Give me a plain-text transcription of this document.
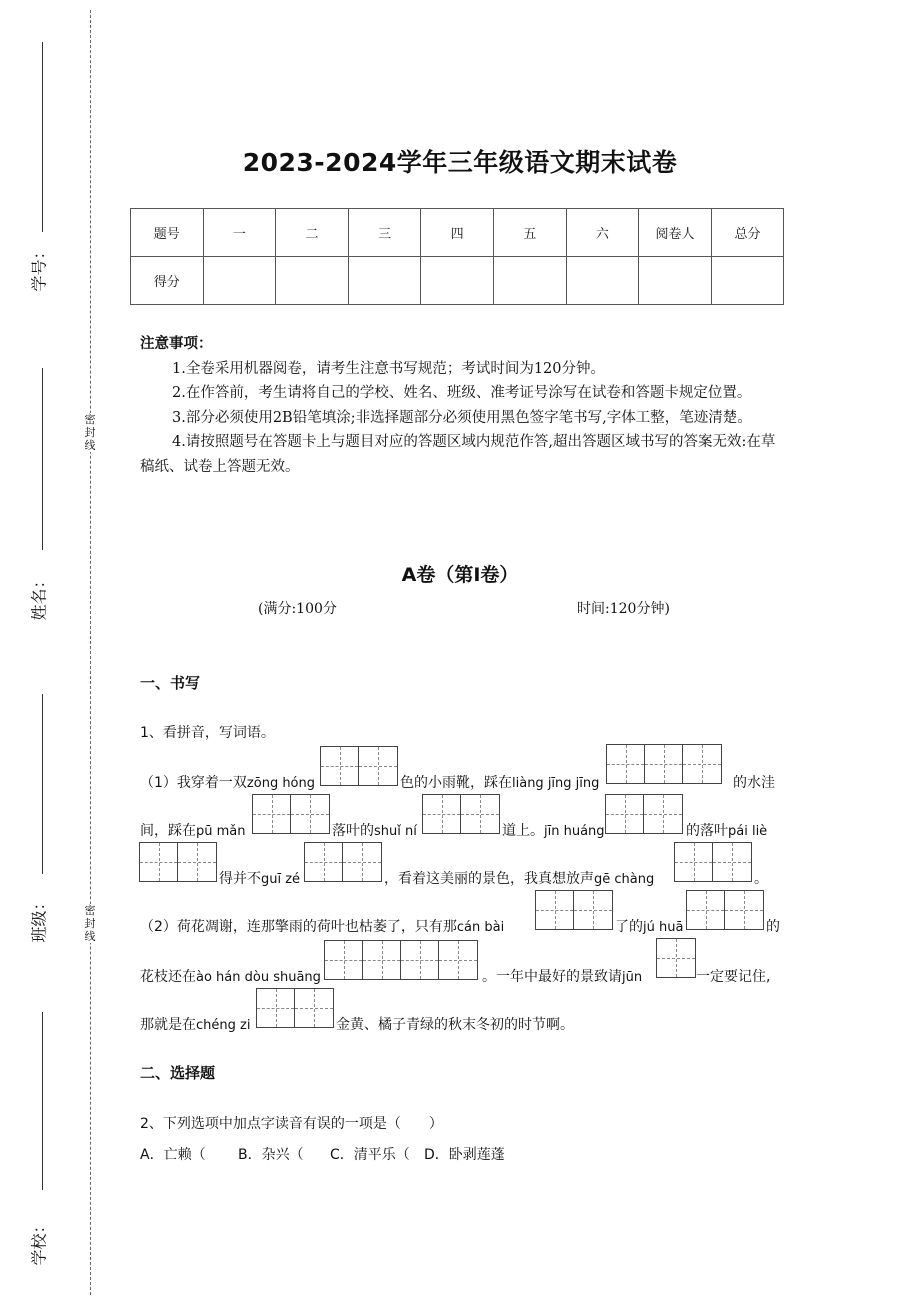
学号：
姓名：
班级：
学校：
密封线
密封线
2023-2024学年三年级语文期末试卷
题号	一	二	三	四	五	六	阅卷人	总分
得分								

注意事项：

1.全卷采用机器阅卷，请考生注意书写规范；考试时间为120分钟。

2.在作答前，考生请将自己的学校、姓名、班级、准考证号涂写在试卷和答题卡规定位置。

3.部分必须使用2B铅笔填涂;非选择题部分必须使用黑色签字笔书写,字体工整，笔迹清楚。

4.请按照题号在答题卡上与题目对应的答题区域内规范作答,超出答题区域书写的答案无效:在草稿纸、试卷上答题无效。

A卷（第Ⅰ卷）
(满分:100分	时间:120分钟)
一、书写
1、看拼音，写词语。
（1）我穿着一双zōng hóng	色的小雨靴，踩在liàng jīng jīng	的水洼
间，踩在pū mǎn	落叶的shuǐ ní	道上。jīn huáng	的落叶pái liè
得并不guī zé	，看着这美丽的景色，我真想放声gē chàng	。
（2）荷花凋谢，连那擎雨的荷叶也枯萎了，只有那cán bài	了的jú huā	的
花枝还在ào hán dòu shuāng	。一年中最好的景致请jūn	一定要记住,
那就是在chéng zi	金黄、橘子青绿的秋末冬初的时节啊。
二、选择题
2、下列选项中加点字读音有误的一项是（　　）
A．亡赖（ B．杂兴（ C．清平乐（ D．卧剥莲蓬
